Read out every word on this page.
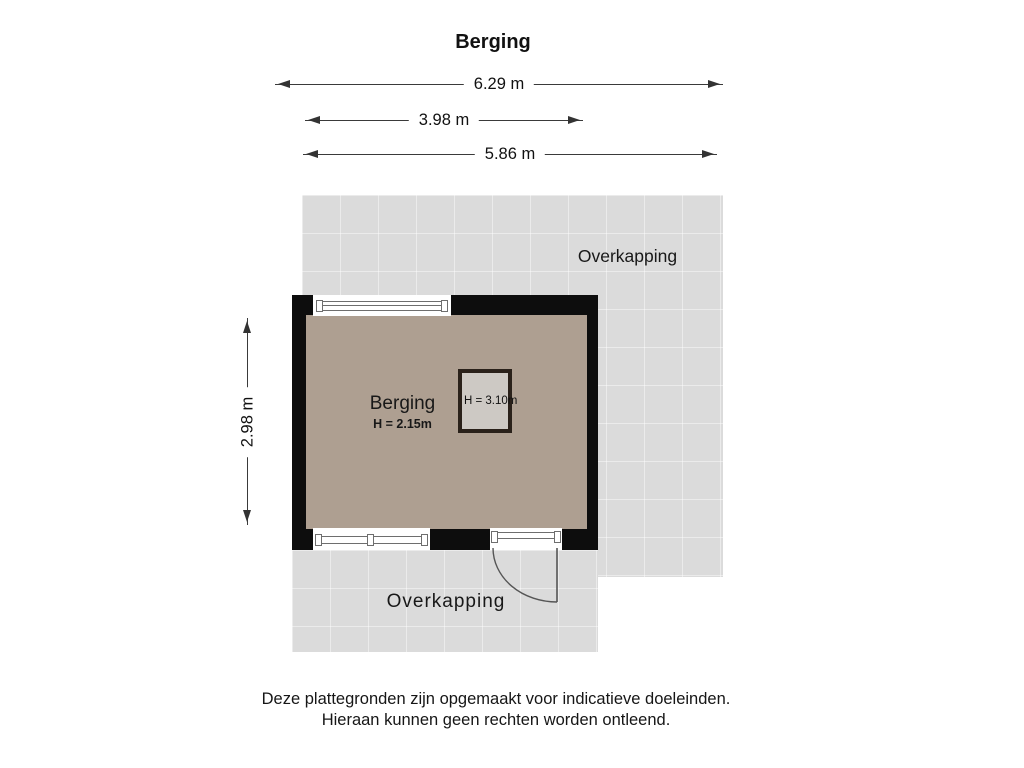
Berging
6.29 m
3.98 m
5.86 m
2.98 m	H = 3.10m
Overkapping
Overkapping
Berging
H = 2.15m
Deze plattegronden zijn opgemaakt voor indicatieve doeleinden.
Hieraan kunnen geen rechten worden ontleend.
